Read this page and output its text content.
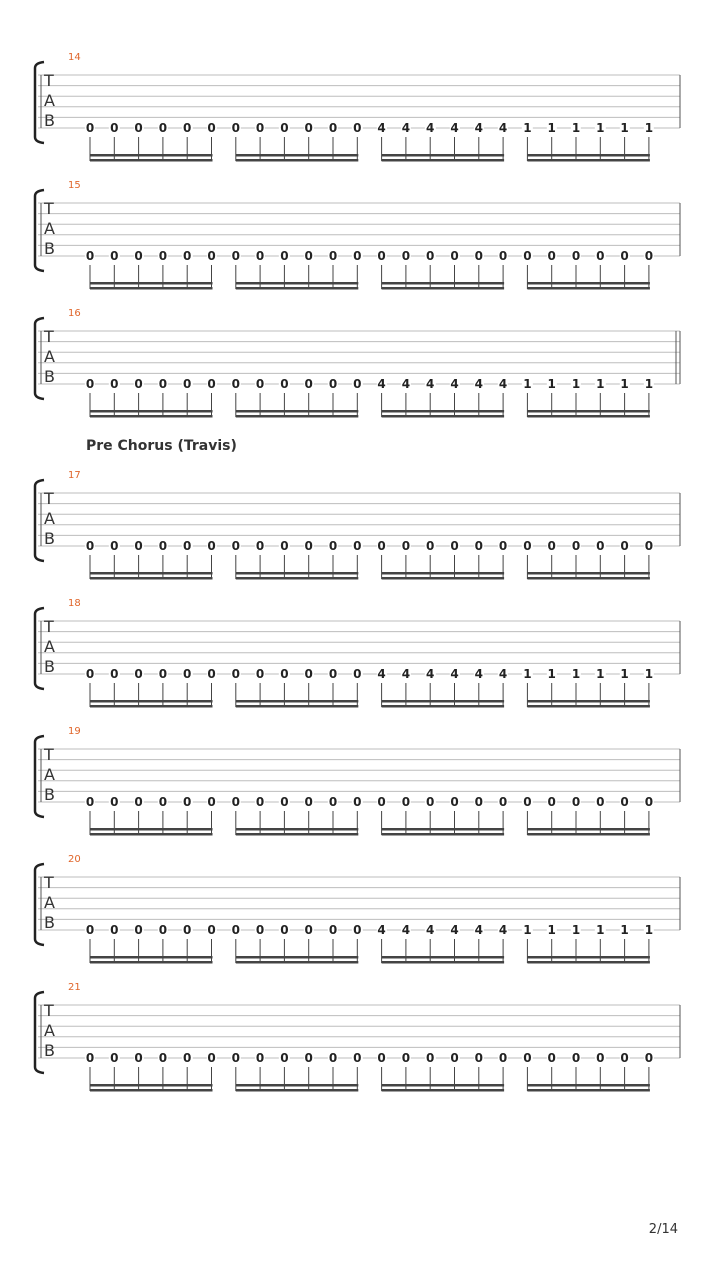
Pre Chorus (Travis)
2/14
14
T
A
B	0 0 0 0 0 0 0 0 0 0 0 0 4 4 4 4 4 4 1 1 1 1 1 1
15
T
A
B	0 0 0 0 0 0 0 0 0 0 0 0 0 0 0 0 0 0 0 0 0 0 0 0
16
T
A
B	0 0 0 0 0 0 0 0 0 0 0 0 4 4 4 4 4 4 1 1 1 1 1 1
17
T
A
B	0 0 0 0 0 0 0 0 0 0 0 0 0 0 0 0 0 0 0 0 0 0 0 0
18
T
A
B	0 0 0 0 0 0 0 0 0 0 0 0 4 4 4 4 4 4 1 1 1 1 1 1
19
T
A
B	0 0 0 0 0 0 0 0 0 0 0 0 0 0 0 0 0 0 0 0 0 0 0 0
20
T
A
B	0 0 0 0 0 0 0 0 0 0 0 0 4 4 4 4 4 4 1 1 1 1 1 1
21
T
A
B	0 0 0 0 0 0 0 0 0 0 0 0 0 0 0 0 0 0 0 0 0 0 0 0
